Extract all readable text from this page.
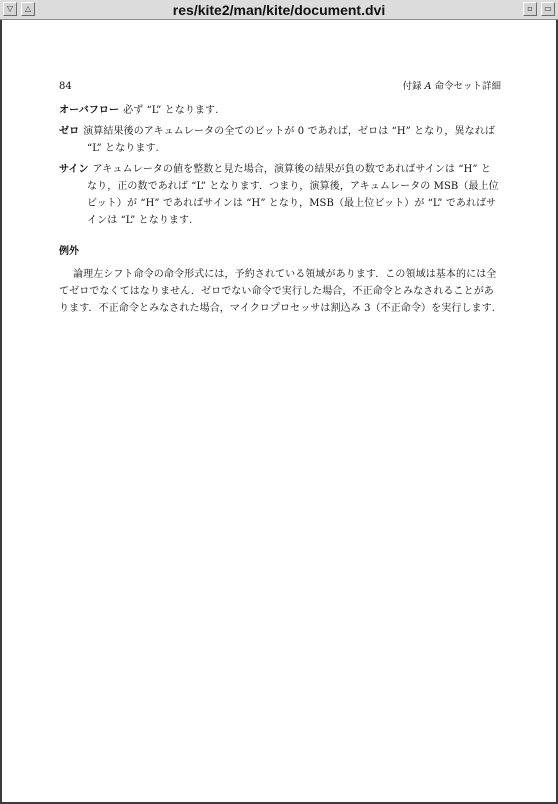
▽	△	res/kite2/man/kite/document.dvi	▫	▭
84	付録 A 命令セット詳細
オーバフロー 必ず “L” となります.
ゼロ 演算結果後のアキュムレータの全てのビットが 0 であれば，ゼロは “H” となり，異なれば “L” となります.
サイン アキュムレータの値を整数と見た場合，演算後の結果が負の数であればサインは “H” となり，正の数であれば “L” となります．つまり，演算後，アキュムレータの MSB（最上位ビット）が “H” であればサインは “H” となり，MSB（最上位ビット）が “L” であればサインは “L” となります.
例外
論理左シフト命令の命令形式には，予約されている領域があります．この領域は基本的には全てゼロでなくてはなりません．ゼロでない命令で実行した場合，不正命令とみなされることがあります．不正命令とみなされた場合，マイクロプロセッサは割込み 3（不正命令）を実行します.
